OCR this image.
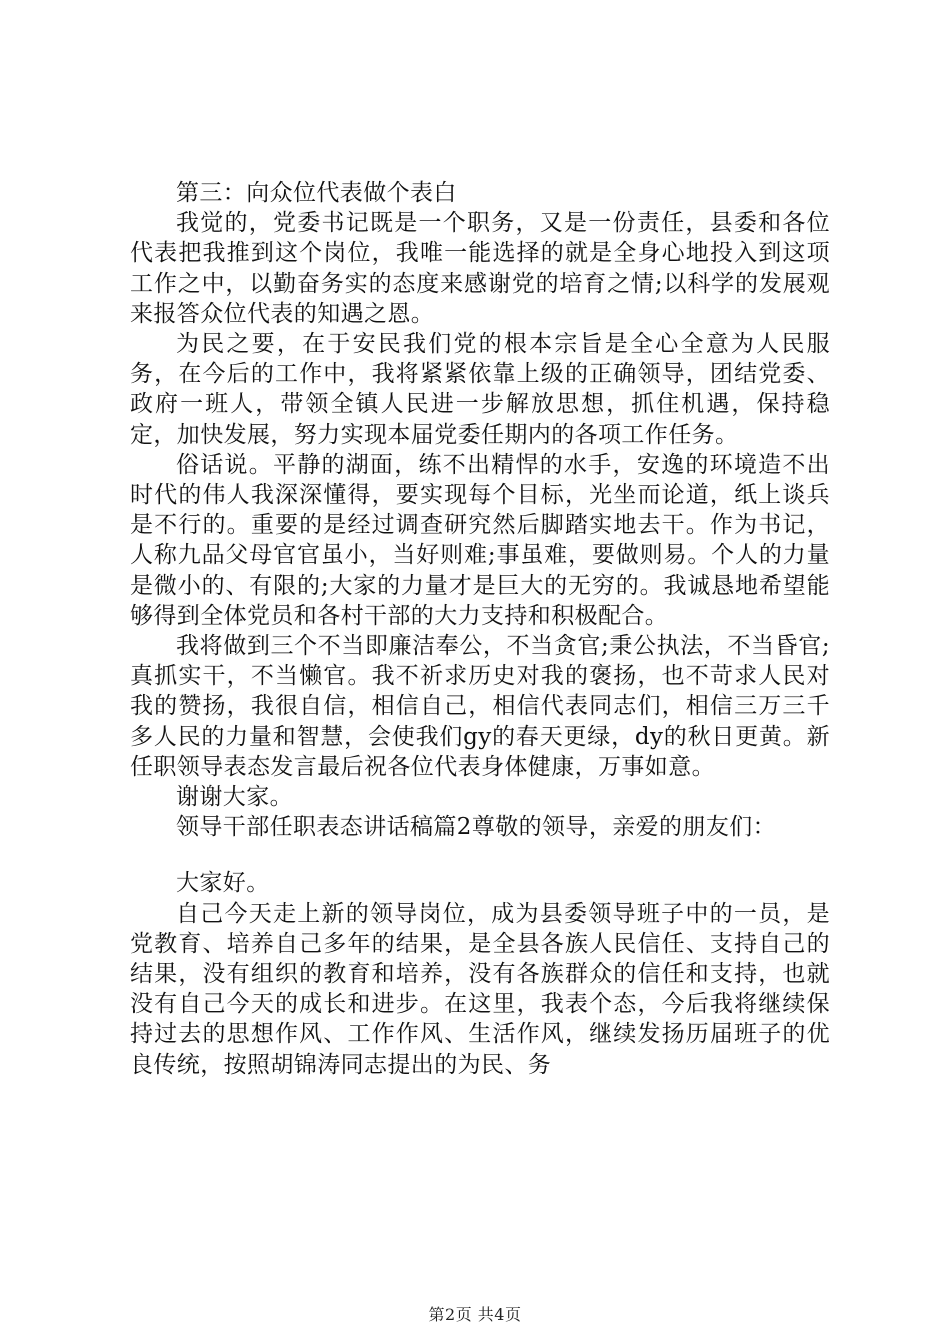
第三：向众位代表做个表白

我觉的，党委书记既是一个职务，又是一份责任，县委和各位代表把我推到这个岗位，我唯一能选择的就是全身心地投入到这项工作之中，以勤奋务实的态度来感谢党的培育之情;以科学的发展观来报答众位代表的知遇之恩。

为民之要，在于安民我们党的根本宗旨是全心全意为人民服务，在今后的工作中，我将紧紧依靠上级的正确领导，团结党委、政府一班人，带领全镇人民进一步解放思想，抓住机遇，保持稳定，加快发展，努力实现本届党委任期内的各项工作任务。

俗话说。平静的湖面，练不出精悍的水手，安逸的环境造不出时代的伟人我深深懂得，要实现每个目标，光坐而论道，纸上谈兵是不行的。重要的是经过调查研究然后脚踏实地去干。作为书记，人称九品父母官官虽小，当好则难;事虽难，要做则易。个人的力量是微小的、有限的;大家的力量才是巨大的无穷的。我诚恳地希望能够得到全体党员和各村干部的大力支持和积极配合。

我将做到三个不当即廉洁奉公，不当贪官;秉公执法，不当昏官;真抓实干，不当懒官。我不祈求历史对我的褒扬，也不苛求人民对我的赞扬，我很自信，相信自己，相信代表同志们，相信三万三千多人民的力量和智慧，会使我们gy的春天更绿，dy的秋日更黄。新任职领导表态发言最后祝各位代表身体健康，万事如意。

谢谢大家。

领导干部任职表态讲话稿篇2尊敬的领导，亲爱的朋友们：

大家好。

自己今天走上新的领导岗位，成为县委领导班子中的一员，是党教育、培养自己多年的结果，是全县各族人民信任、支持自己的结果，没有组织的教育和培养，没有各族群众的信任和支持，也就没有自己今天的成长和进步。在这里，我表个态，今后我将继续保持过去的思想作风、工作作风、生活作风，继续发扬历届班子的优良传统，按照胡锦涛同志提出的为民、务

第2页 共4页
